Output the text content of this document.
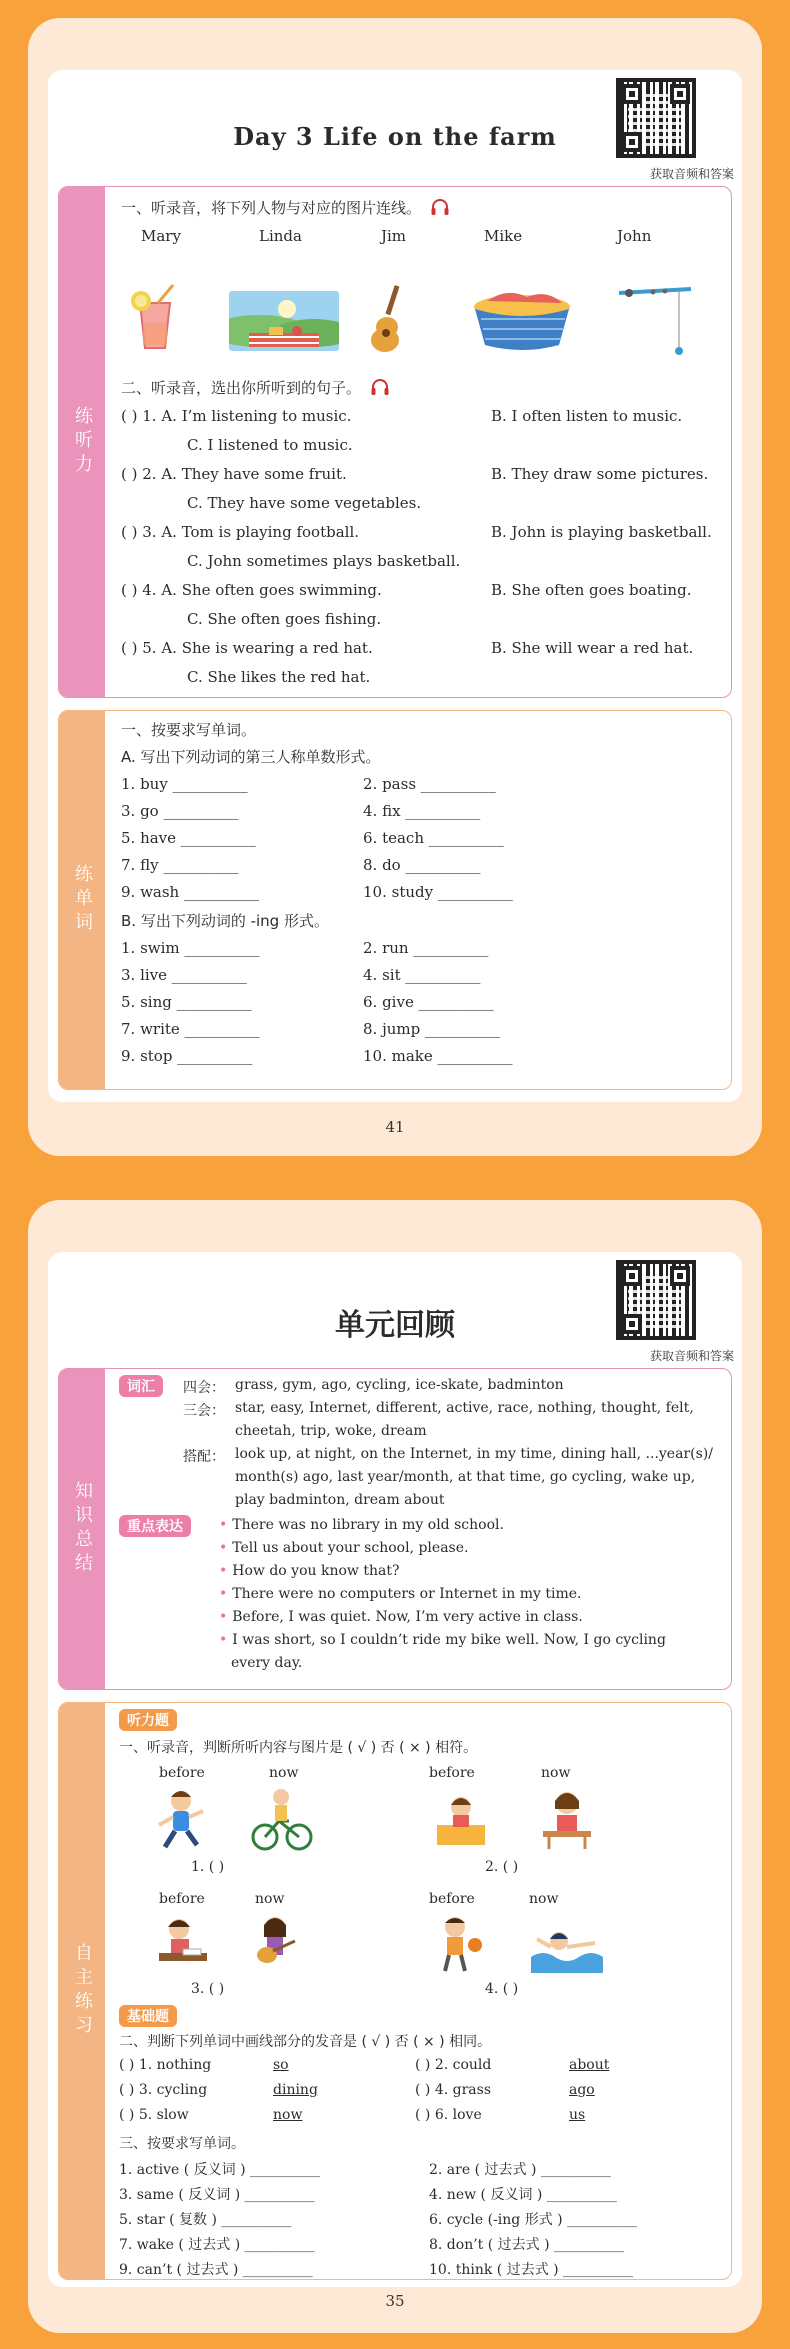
Day 3 Life on the farm
获取音频和答案
练听力
一、听录音，将下列人物与对应的图片连线。
Mary	Linda	Jim	Mike	John
二、听录音，选出你所听到的句子。
( ) 1. A. I’m listening to music.	B. I often listen to music.
C. I listened to music.
( ) 2. A. They have some fruit.	B. They draw some pictures.
C. They have some vegetables.
( ) 3. A. Tom is playing football.	B. John is playing basketball.
C. John sometimes plays basketball.
( ) 4. A. She often goes swimming.	B. She often goes boating.
C. She often goes fishing.
( ) 5. A. She is wearing a red hat.	B. She will wear a red hat.
C. She likes the red hat.
练单词
一、按要求写单词。
A. 写出下列动词的第三人称单数形式。
1. buy __________	2. pass __________
3. go __________	4. fix __________
5. have __________	6. teach __________
7. fly __________	8. do __________
9. wash __________	10. study __________
B. 写出下列动词的 -ing 形式。
1. swim __________	2. run __________
3. live __________	4. sit __________
5. sing __________	6. give __________
7. write __________	8. jump __________
9. stop __________	10. make __________
41
单元回顾
获取音频和答案
知识总结
词汇	四会： grass, gym, ago, cycling, ice-skate, badminton
三会： star, easy, Internet, different, active, race, nothing, thought, felt,
cheetah, trip, woke, dream
搭配： look up, at night, on the Internet, in my time, dining hall, ...year(s)/
month(s) ago, last year/month, at that time, go cycling, wake up,
play badminton, dream about
重点表达
•	There was no library in my old school.
• Tell us about your school, please.
• How do you know that?
• There were no computers or Internet in my time.
• Before, I was quiet. Now, I’m very active in class.
• I was short, so I couldn’t ride my bike well. Now, I go cycling
every day.
自主练习
听力题
一、听录音，判断所听内容与图片是 ( √ ) 否 ( × ) 相符。
before	now	before	now
1. ( )	2. ( )
before	now	before	now
3. ( )	4. ( )
基础题
二、判断下列单词中画线部分的发音是 ( √ ) 否 ( × ) 相同。
( ) 1. nothing	so	( ) 2. could	about
( ) 3. cycling	dining	( ) 4. grass	ago
( ) 5. slow	now	( ) 6. love	us
三、按要求写单词。
1. active ( 反义词 ) __________	2. are ( 过去式 ) __________
3. same ( 反义词 ) __________	4. new ( 反义词 ) __________
5. star ( 复数 ) __________	6. cycle (-ing 形式 ) __________
7. wake ( 过去式 ) __________	8. don’t ( 过去式 ) __________
9. can’t ( 过去式 ) __________	10. think ( 过去式 ) __________
35
